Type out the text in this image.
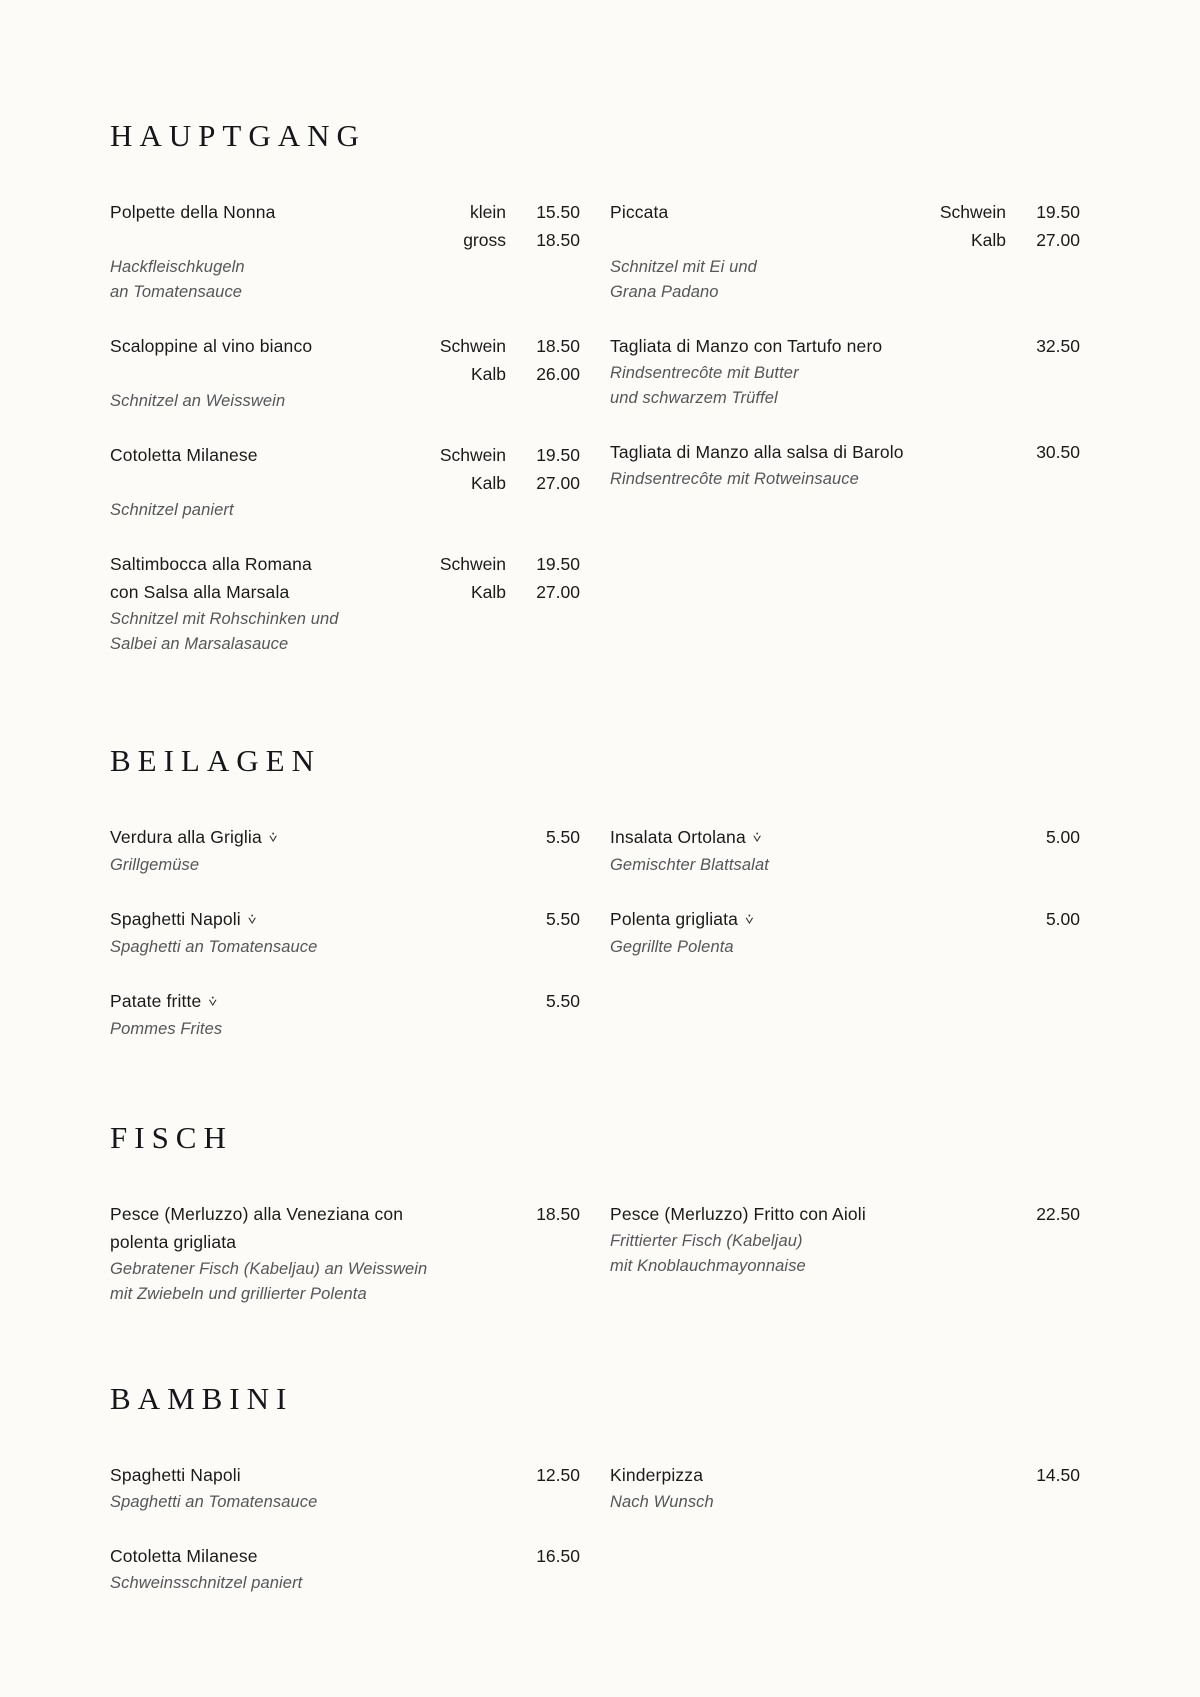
HAUPTGANG
Polpette della Nonna	klein	15.50
gross	18.50
Hackfleischkugeln
an Tomatensauce
Scaloppine al vino bianco	Schwein	18.50
Kalb	26.00
Schnitzel an Weisswein
Cotoletta Milanese	Schwein	19.50
Kalb	27.00
Schnitzel paniert
Saltimbocca alla Romana	Schwein	19.50
con Salsa alla Marsala	Kalb	27.00
Schnitzel mit Rohschinken und
Salbei an Marsalasauce
Piccata	Schwein	19.50
Kalb	27.00
Schnitzel mit Ei und
Grana Padano
Tagliata di Manzo con Tartufo nero	32.50
Rindsentrecôte mit Butter
und schwarzem Trüffel
Tagliata di Manzo alla salsa di Barolo	30.50
Rindsentrecôte mit Rotweinsauce
BEILAGEN
Verdura alla Griglia ⩒	5.50
Grillgemüse
Spaghetti Napoli ⩒	5.50
Spaghetti an Tomatensauce
Patate fritte ⩒	5.50
Pommes Frites
Insalata Ortolana ⩒	5.00
Gemischter Blattsalat
Polenta grigliata ⩒	5.00
Gegrillte Polenta
FISCH
Pesce (Merluzzo) alla Veneziana con	18.50
polenta grigliata
Gebratener Fisch (Kabeljau) an Weisswein
mit Zwiebeln und grillierter Polenta
Pesce (Merluzzo) Fritto con Aioli	22.50
Frittierter Fisch (Kabeljau)
mit Knoblauchmayonnaise
BAMBINI
Spaghetti Napoli	12.50
Spaghetti an Tomatensauce
Cotoletta Milanese	16.50
Schweinsschnitzel paniert
Kinderpizza	14.50
Nach Wunsch
